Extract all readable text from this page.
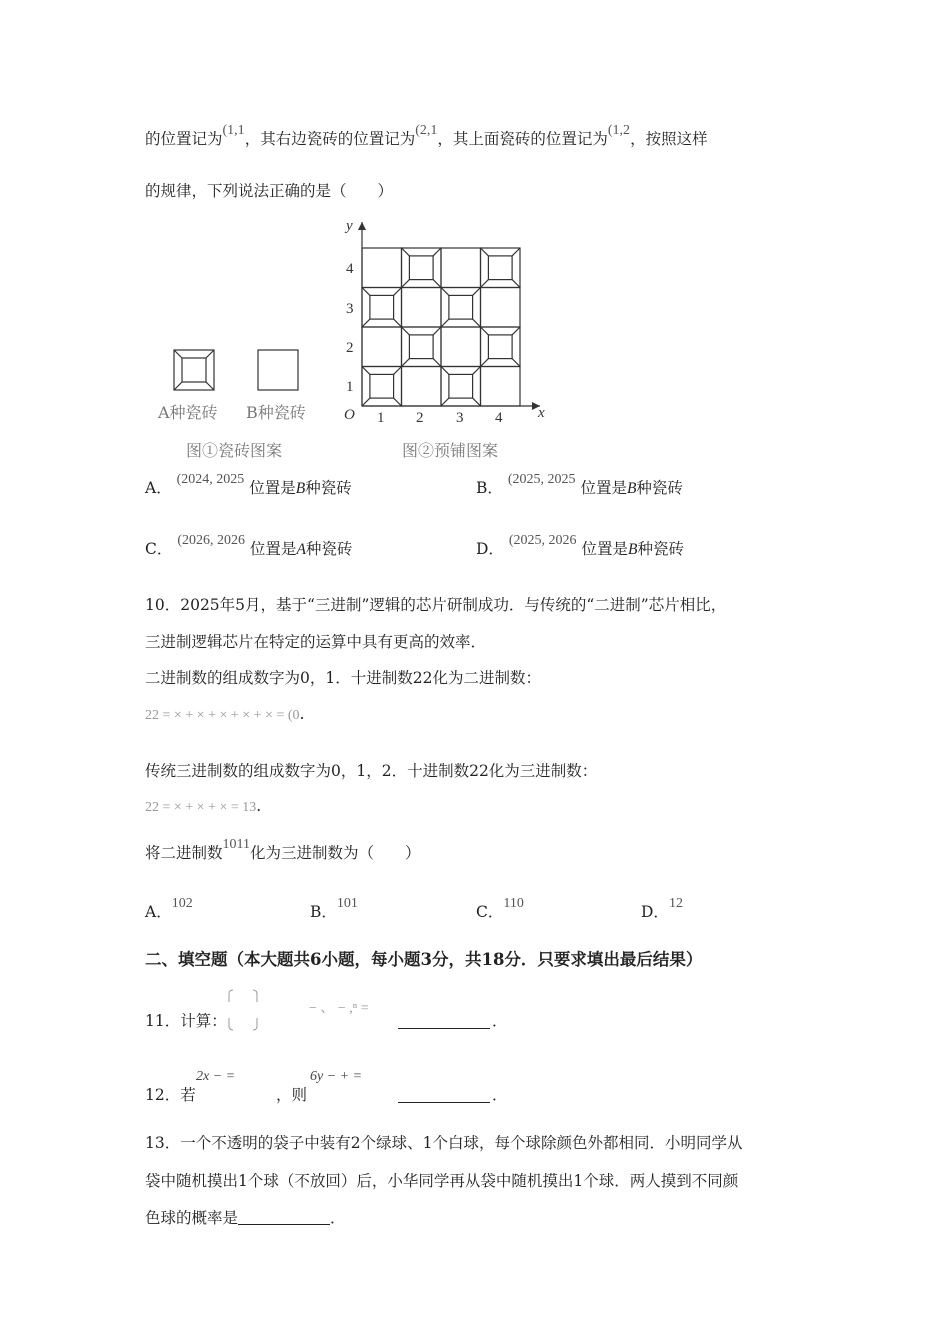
的位置记为(1,1，其右边瓷砖的位置记为(2,1，其上面瓷砖的位置记为(1,2，按照这样
的规律，下列说法正确的是（　　）
A种瓷砖 B种瓷砖
图①瓷砖图案
x
y
O 1 2 3 4
1
2
3
4
图②预铺图案
A． (2024, 2025 位置是B种瓷砖	B． (2025, 2025 位置是B种瓷砖
C． (2026, 2026 位置是A种瓷砖	D． (2025, 2026 位置是B种瓷砖
10．2025年5月，基于“三进制”逻辑的芯片研制成功．与传统的“二进制”芯片相比，
三进制逻辑芯片在特定的运算中具有更高的效率．
二进制数的组成数字为0，1．十进制数22化为二进制数：
22 = × + × + × + × + × = (0.
传统三进制数的组成数字为0，1，2．十进制数22化为三进制数：
22 = × + × + × = 13.
将二进制数1011化为三进制数为（　　）
A．102	B．101	C．110	D．12
二、填空题（本大题共6小题，每小题3分，共18分．只要求填出最后结果）
11．计算：
− 、 − ,ⁿ =
．
12．若
2x − =
，则
6y − + =
．
13．一个不透明的袋子中装有2个绿球、1个白球，每个球除颜色外都相同．小明同学从
袋中随机摸出1个球（不放回）后，小华同学再从袋中随机摸出1个球．两人摸到不同颜
色球的概率是	．
